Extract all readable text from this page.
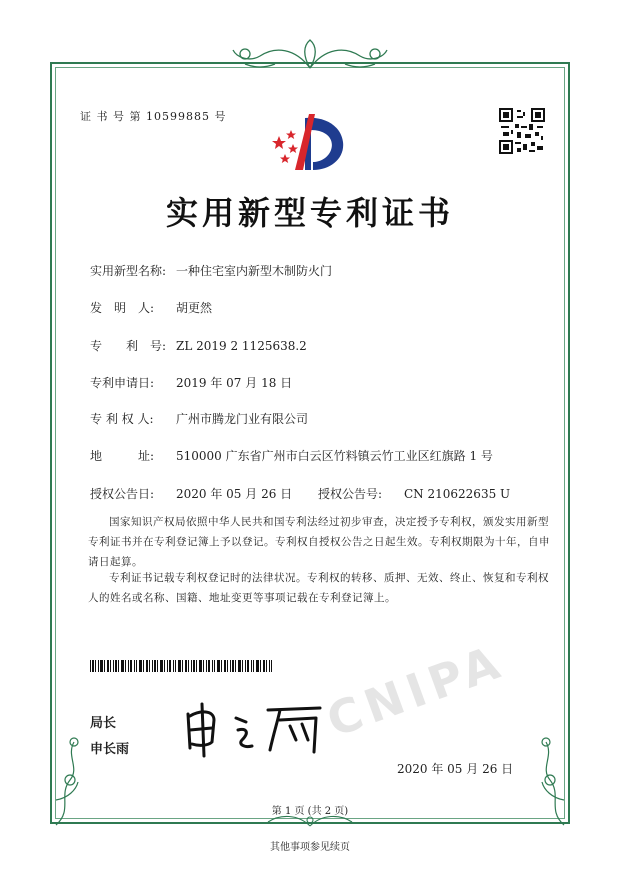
证 书 号 第 10599885 号
实用新型专利证书
实用新型名称: 一种住宅室内新型木制防火门
发　明　人: 胡更然
专　　利　号: ZL 2019 2 1125638.2
专利申请日: 2019 年 07 月 18 日
专 利 权 人: 广州市腾龙门业有限公司
地　　　址: 510000 广东省广州市白云区竹料镇云竹工业区红旗路 1 号
授权公告日: 2020 年 05 月 26 日 授权公告号: CN 210622635 U
国家知识产权局依照中华人民共和国专利法经过初步审查，决定授予专利权，颁发实用新型专利证书并在专利登记簿上予以登记。专利权自授权公告之日起生效。专利权期限为十年，自申请日起算。
专利证书记载专利权登记时的法律状况。专利权的转移、质押、无效、终止、恢复和专利权人的姓名或名称、国籍、地址变更等事项记载在专利登记簿上。
CNIPA
局长
申长雨
2020 年 05 月 26 日
第 1 页 (共 2 页)
其他事项参见续页
